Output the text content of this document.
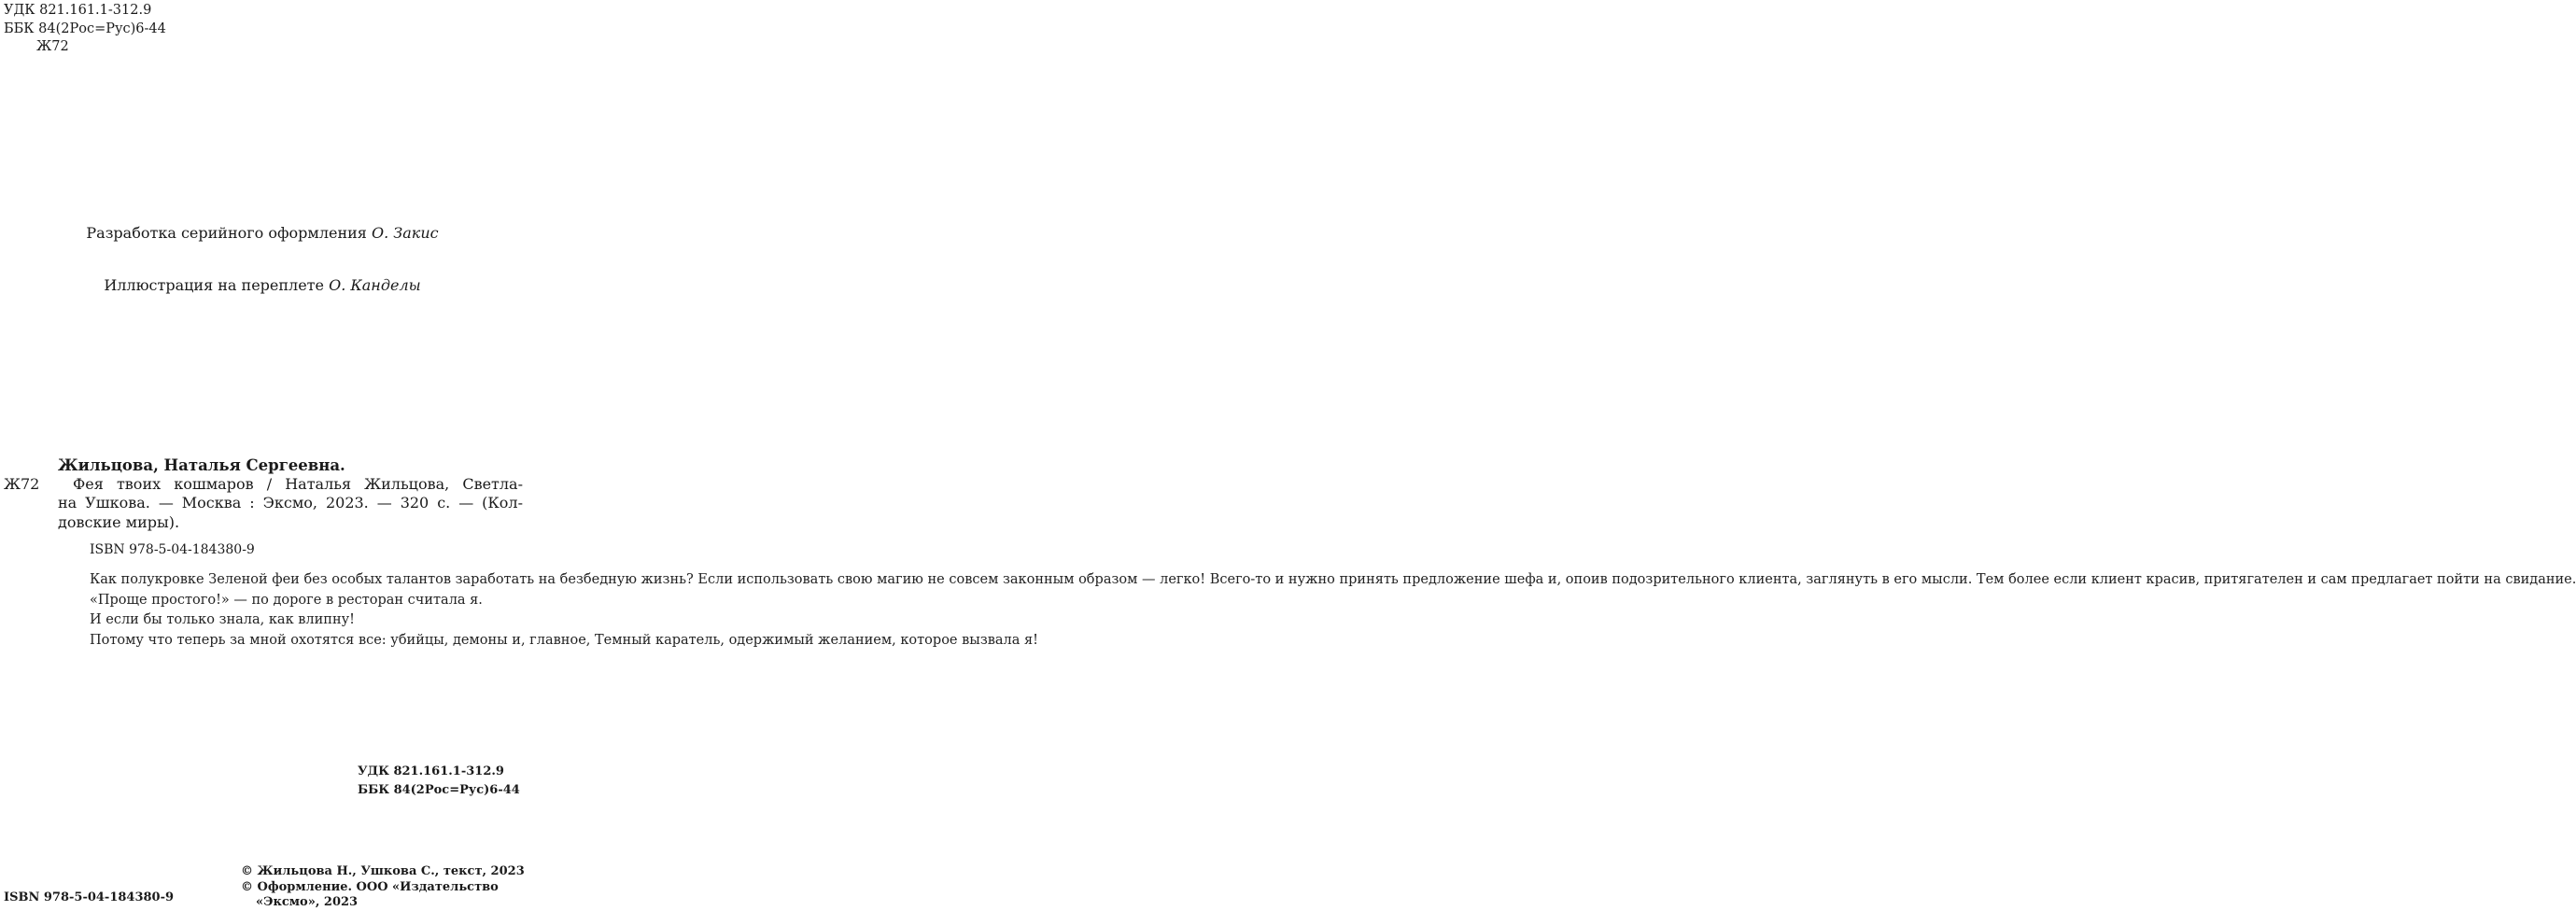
УДК 821.161.1-312.9
ББК 84(2Рос=Рус)6-44
Ж72
Разработка серийного оформления О. Закис
Иллюстрация на переплете О. Канделы
Жильцова, Наталья Сергеевна.
Ж72 Фея твоих кошмаров / Наталья Жильцова, Светла-
на Ушкова. — Москва : Эксмо, 2023. — 320 с. — (Кол-
довские миры).
ISBN 978-5-04-184380-9

Как полукровке Зеленой феи без особых талантов заработать на безбедную жизнь? Если использовать свою магию не совсем законным образом — легко! Всего-то и нужно принять предложение шефа и, опоив подозрительного клиента, заглянуть в его мысли. Тем более если клиент красив, притягателен и сам предлагает пойти на свидание.

«Проще простого!» — по дороге в ресторан считала я.

И если бы только знала, как влипну!

Потому что теперь за мной охотятся все: убийцы, демоны и, главное, Темный каратель, одержимый желанием, которое вызвала я!

УДК 821.161.1-312.9
ББК 84(2Рос=Рус)6-44
© Жильцова Н., Ушкова С., текст, 2023
© Оформление. ООО «Издательство
«Эксмо», 2023
ISBN 978-5-04-184380-9
